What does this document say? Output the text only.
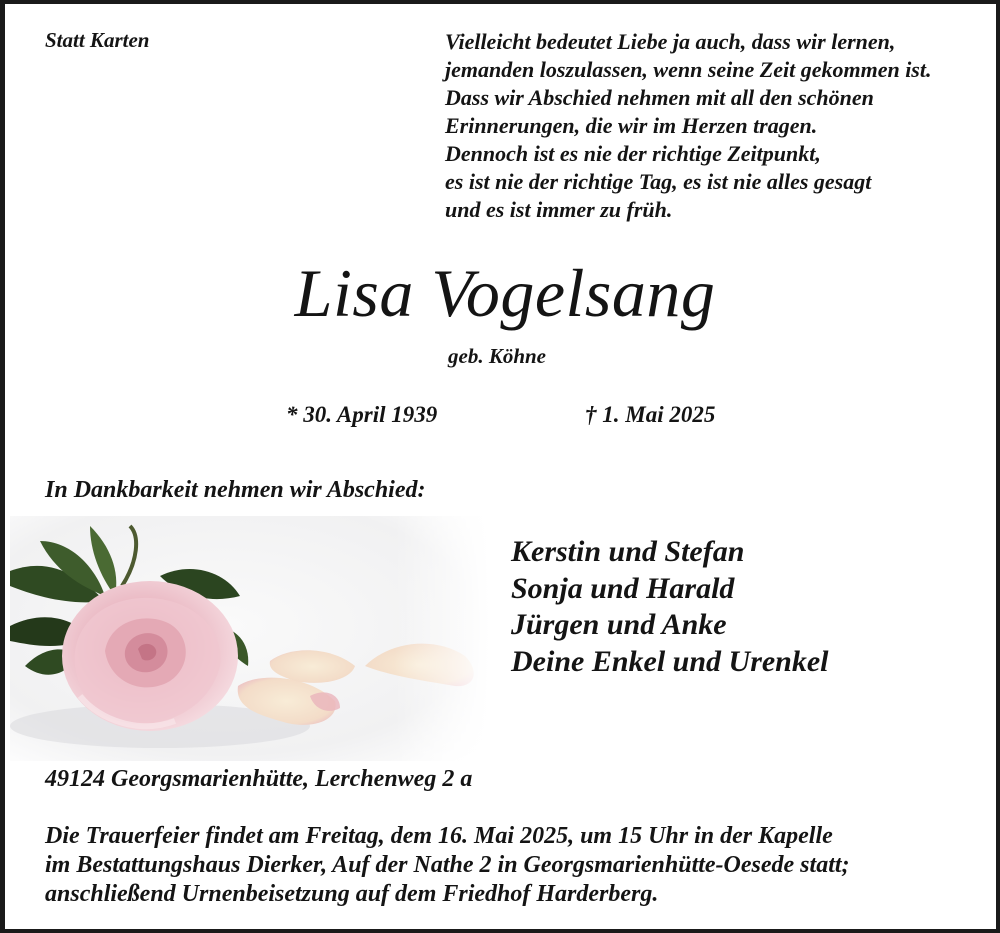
Statt Karten	Vielleicht bedeutet Liebe ja auch, dass wir lernen,
jemanden loszulassen, wenn seine Zeit gekommen ist.
Dass wir Abschied nehmen mit all den schönen
Erinnerungen, die wir im Herzen tragen.
Dennoch ist es nie der richtige Zeitpunkt,
es ist nie der richtige Tag, es ist nie alles gesagt
und es ist immer zu früh.
Lisa Vogelsang
geb. Köhne
* 30. April 1939	† 1. Mai 2025
In Dankbarkeit nehmen wir Abschied:
Kerstin und Stefan
Sonja und Harald
Jürgen und Anke
Deine Enkel und Urenkel
49124 Georgsmarienhütte, Lerchenweg 2 a
Die Trauerfeier findet am Freitag, dem 16. Mai 2025, um 15 Uhr in der Kapelle
im Bestattungshaus Dierker, Auf der Nathe 2 in Georgsmarienhütte-Oesede statt;
anschließend Urnenbeisetzung auf dem Friedhof Harderberg.
